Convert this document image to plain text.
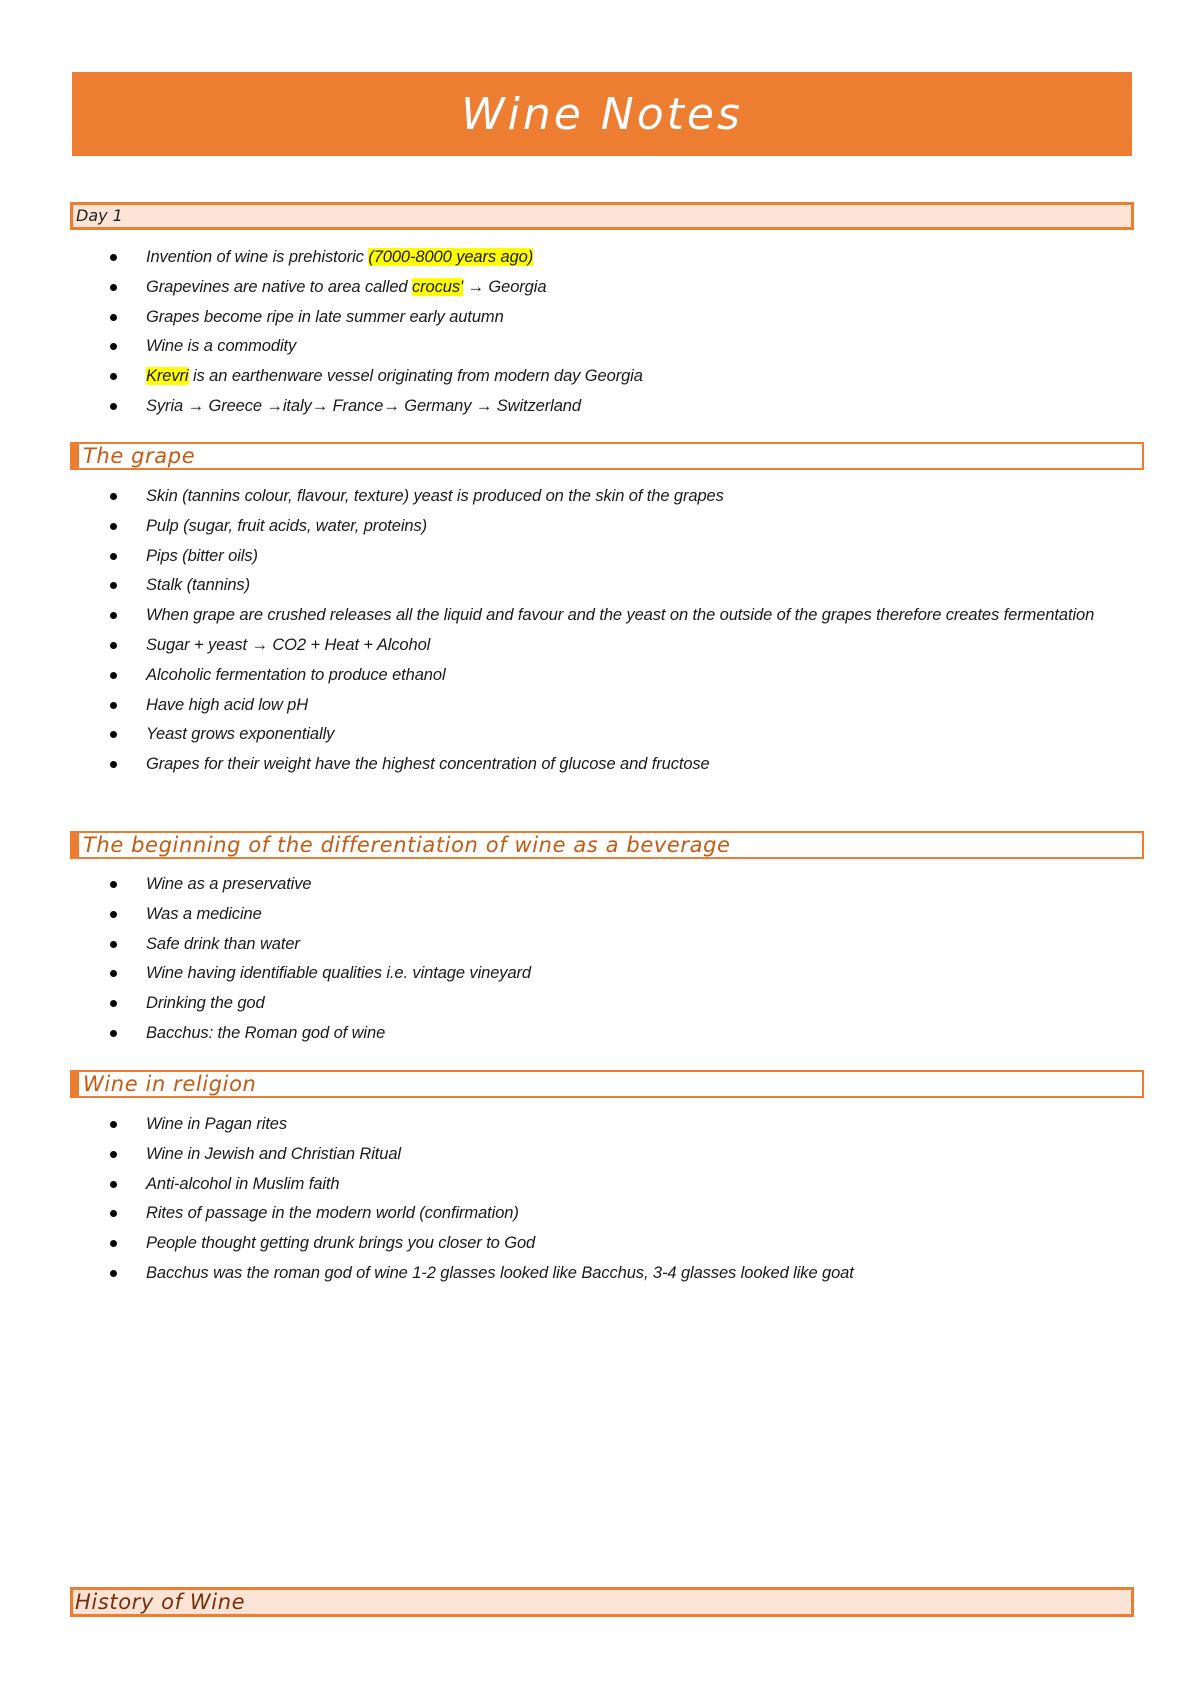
Wine Notes
Day 1
Invention of wine is prehistoric (7000-8000 years ago)
Grapevines are native to area called crocus' → Georgia
Grapes become ripe in late summer early autumn
Wine is a commodity
Krevri is an earthenware vessel originating from modern day Georgia
Syria → Greece →italy→ France→ Germany → Switzerland
The grape
Skin (tannins colour, flavour, texture) yeast is produced on the skin of the grapes
Pulp (sugar, fruit acids, water, proteins)
Pips (bitter oils)
Stalk (tannins)
When grape are crushed releases all the liquid and favour and the yeast on the outside of the grapes therefore creates fermentation
Sugar + yeast → CO2 + Heat + Alcohol
Alcoholic fermentation to produce ethanol
Have high acid low pH
Yeast grows exponentially
Grapes for their weight have the highest concentration of glucose and fructose
The beginning of the differentiation of wine as a beverage
Wine as a preservative
Was a medicine
Safe drink than water
Wine having identifiable qualities i.e. vintage vineyard
Drinking the god
Bacchus: the Roman god of wine
Wine in religion
Wine in Pagan rites
Wine in Jewish and Christian Ritual
Anti-alcohol in Muslim faith
Rites of passage in the modern world (confirmation)
People thought getting drunk brings you closer to God
Bacchus was the roman god of wine 1-2 glasses looked like Bacchus, 3-4 glasses looked like goat
History of Wine
